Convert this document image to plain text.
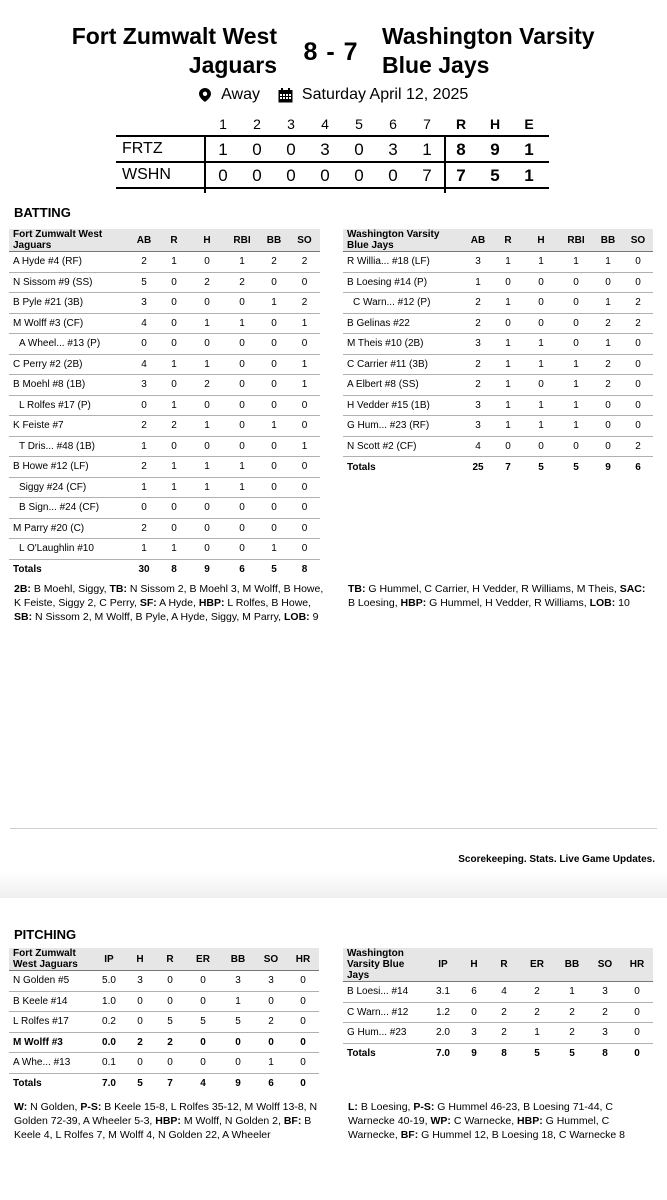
Fort Zumwalt West
Jaguars 8 - 7
Washington Varsity
Blue Jays
Away	Saturday April 12, 2025
1	2	3	4	5	6	7	R	H	E
FRTZ	1	0	0	3	0	3	1	8	9	1
WSHN	0	0	0	0	0	0	7	7	5	1
BATTING
Fort Zumwalt West Jaguars	AB	R	H	RBI	BB	SO
A Hyde #4 (RF)	2	1	0	1	2	2
N Sissom #9 (SS)	5	0	2	2	0	0
B Pyle #21 (3B)	3	0	0	0	1	2
M Wolff #3 (CF)	4	0	1	1	0	1
A Wheel... #13 (P)	0	0	0	0	0	0
C Perry #2 (2B)	4	1	1	0	0	1
B Moehl #8 (1B)	3	0	2	0	0	1
L Rolfes #17 (P)	0	1	0	0	0	0
K Feiste #7	2	2	1	0	1	0
T Dris... #48 (1B)	1	0	0	0	0	1
B Howe #12 (LF)	2	1	1	1	0	0
Siggy #24 (CF)	1	1	1	1	0	0
B Sign... #24 (CF)	0	0	0	0	0	0
M Parry #20 (C)	2	0	0	0	0	0
L O'Laughlin #10	1	1	0	0	1	0
Totals	30	8	9	6	5	8
Washington Varsity Blue Jays	AB	R	H	RBI	BB	SO
R Willia... #18 (LF)	3	1	1	1	1	0
B Loesing #14 (P)	1	0	0	0	0	0
C Warn... #12 (P)	2	1	0	0	1	2
B Gelinas #22	2	0	0	0	2	2
M Theis #10 (2B)	3	1	1	0	1	0
C Carrier #11 (3B)	2	1	1	1	2	0
A Elbert #8 (SS)	2	1	0	1	2	0
H Vedder #15 (1B)	3	1	1	1	0	0
G Hum... #23 (RF)	3	1	1	1	0	0
N Scott #2 (CF)	4	0	0	0	0	2
Totals	25	7	5	5	9	6
2B: B Moehl, Siggy, TB: N Sissom 2, B Moehl 3, M Wolff, B Howe, K Feiste, Siggy 2, C Perry, SF: A Hyde, HBP: L Rolfes, B Howe, SB: N Sissom 2, M Wolff, B Pyle, A Hyde, Siggy, M Parry, LOB: 9
TB: G Hummel, C Carrier, H Vedder, R Williams, M Theis, SAC: B Loesing, HBP: G Hummel, H Vedder, R Williams, LOB: 10
Scorekeeping. Stats. Live Game Updates.
PITCHING
Fort Zumwalt West Jaguars	IP	H	R	ER	BB	SO	HR
N Golden #5	5.0	3	0	0	3	3	0
B Keele #14	1.0	0	0	0	1	0	0
L Rolfes #17	0.2	0	5	5	5	2	0
M Wolff #3	0.0	2	2	0	0	0	0
A Whe... #13	0.1	0	0	0	0	1	0
Totals	7.0	5	7	4	9	6	0
Washington Varsity Blue Jays	IP	H	R	ER	BB	SO	HR
B Loesi... #14	3.1	6	4	2	1	3	0
C Warn... #12	1.2	0	2	2	2	2	0
G Hum... #23	2.0	3	2	1	2	3	0
Totals	7.0	9	8	5	5	8	0
W: N Golden, P-S: B Keele 15-8, L Rolfes 35-12, M Wolff 13-8, N Golden 72-39, A Wheeler 5-3, HBP: M Wolff, N Golden 2, BF: B Keele 4, L Rolfes 7, M Wolff 4, N Golden 22, A Wheeler
L: B Loesing, P-S: G Hummel 46-23, B Loesing 71-44, C Warnecke 40-19, WP: C Warnecke, HBP: G Hummel, C Warnecke, BF: G Hummel 12, B Loesing 18, C Warnecke 8
